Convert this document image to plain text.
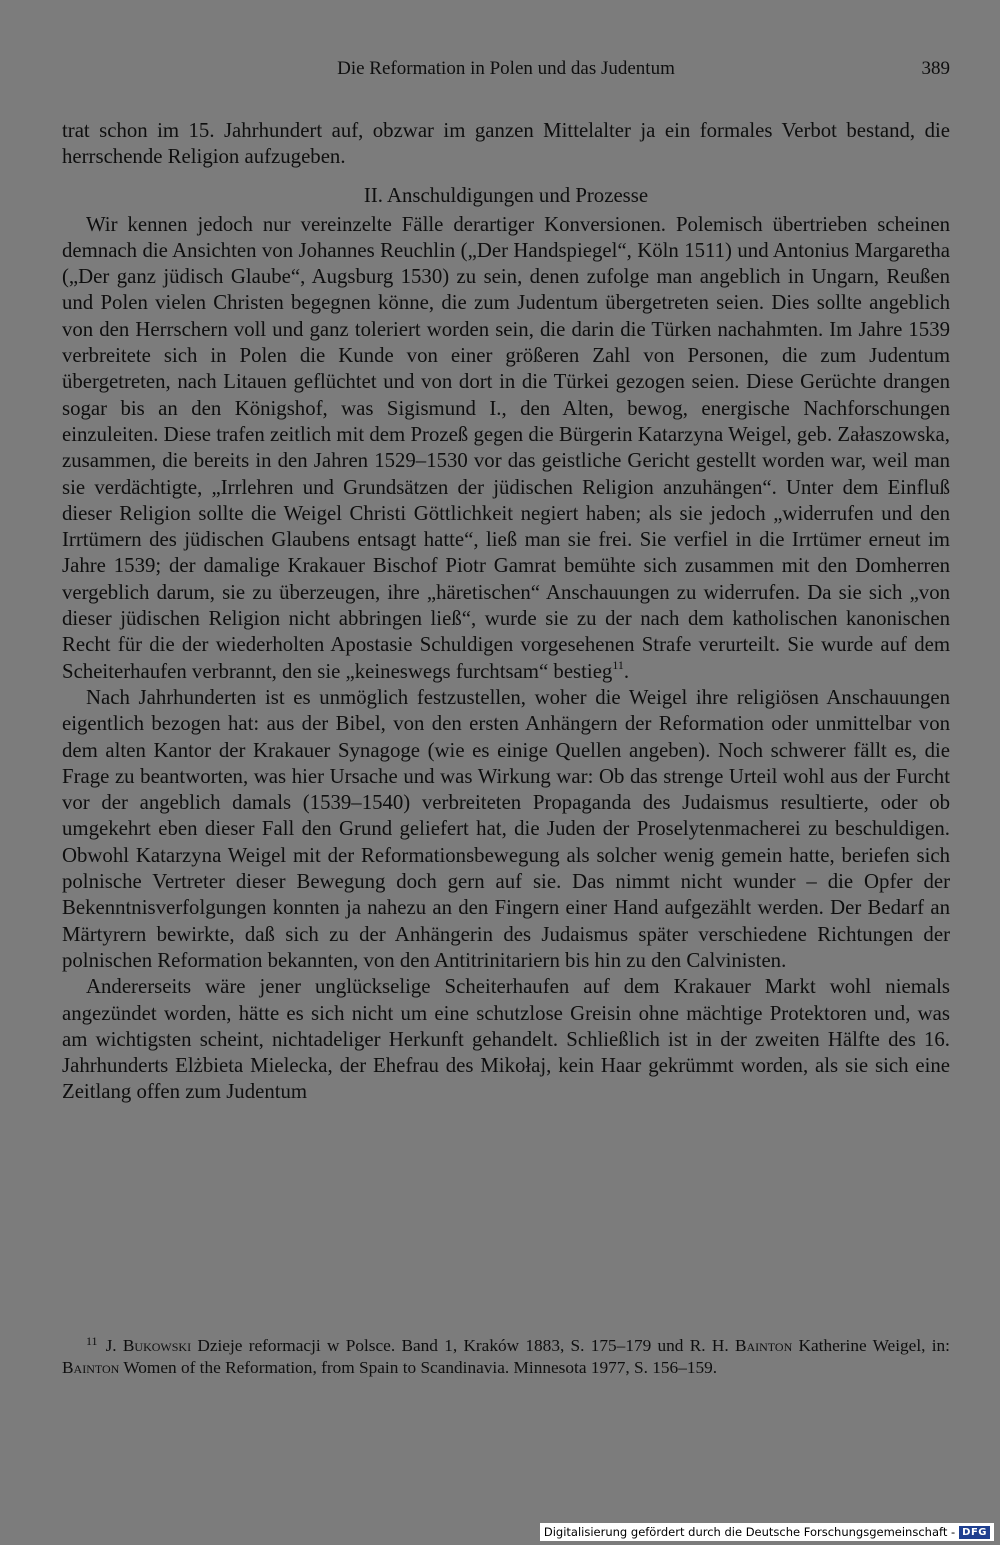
Die Reformation in Polen und das Judentum	389

trat schon im 15. Jahrhundert auf, obzwar im ganzen Mittelalter ja ein formales Verbot bestand, die herrschende Religion aufzugeben.

II. Anschuldigungen und Prozesse

Wir kennen jedoch nur vereinzelte Fälle derartiger Konversionen. Polemisch übertrieben scheinen demnach die Ansichten von Johannes Reuchlin („Der Handspiegel“, Köln 1511) und Antonius Margaretha („Der ganz jüdisch Glaube“, Augsburg 1530) zu sein, denen zufolge man angeblich in Ungarn, Reußen und Polen vielen Christen begegnen könne, die zum Judentum übergetreten seien. Dies sollte angeblich von den Herrschern voll und ganz toleriert worden sein, die darin die Türken nachahmten. Im Jahre 1539 verbreitete sich in Polen die Kunde von einer größeren Zahl von Personen, die zum Judentum übergetreten, nach Litauen geflüchtet und von dort in die Türkei gezogen seien. Diese Gerüchte drangen sogar bis an den Königshof, was Sigismund I., den Alten, bewog, energische Nachforschungen einzuleiten. Diese trafen zeitlich mit dem Prozeß gegen die Bürgerin Katarzyna Weigel, geb. Załaszowska, zusammen, die bereits in den Jahren 1529–1530 vor das geistliche Gericht gestellt worden war, weil man sie verdächtigte, „Irrlehren und Grundsätzen der jüdischen Religion anzuhängen“. Unter dem Einfluß dieser Religion sollte die Weigel Christi Göttlichkeit negiert haben; als sie jedoch „widerrufen und den Irrtümern des jüdischen Glaubens entsagt hatte“, ließ man sie frei. Sie verfiel in die Irrtümer erneut im Jahre 1539; der damalige Krakauer Bischof Piotr Gamrat bemühte sich zusammen mit den Domherren vergeblich darum, sie zu überzeugen, ihre „häretischen“ Anschauungen zu widerrufen. Da sie sich „von dieser jüdischen Religion nicht abbringen ließ“, wurde sie zu der nach dem katholischen kanonischen Recht für die der wiederholten Apostasie Schuldigen vorgesehenen Strafe verurteilt. Sie wurde auf dem Scheiterhaufen verbrannt, den sie „keineswegs furchtsam“ bestieg$^{11}$.

Nach Jahrhunderten ist es unmöglich festzustellen, woher die Weigel ihre religiösen Anschauungen eigentlich bezogen hat: aus der Bibel, von den ersten Anhängern der Reformation oder unmittelbar von dem alten Kantor der Krakauer Synagoge (wie es einige Quellen angeben). Noch schwerer fällt es, die Frage zu beantworten, was hier Ursache und was Wirkung war: Ob das strenge Urteil wohl aus der Furcht vor der angeblich damals (1539–1540) verbreiteten Propaganda des Judaismus resultierte, oder ob umgekehrt eben dieser Fall den Grund geliefert hat, die Juden der Proselytenmacherei zu beschuldigen. Obwohl Katarzyna Weigel mit der Reformationsbewegung als solcher wenig gemein hatte, beriefen sich polnische Vertreter dieser Bewegung doch gern auf sie. Das nimmt nicht wunder – die Opfer der Bekenntnisverfolgungen konnten ja nahezu an den Fingern einer Hand aufgezählt werden. Der Bedarf an Märtyrern bewirkte, daß sich zu der Anhängerin des Judaismus später verschiedene Richtungen der polnischen Reformation bekannten, von den Antitrinitariern bis hin zu den Calvinisten.

Andererseits wäre jener unglückselige Scheiterhaufen auf dem Krakauer Markt wohl niemals angezündet worden, hätte es sich nicht um eine schutzlose Greisin ohne mächtige Protektoren und, was am wichtigsten scheint, nichtadeliger Herkunft gehandelt. Schließlich ist in der zweiten Hälfte des 16. Jahrhunderts Elżbieta Mielecka, der Ehefrau des Mikołaj, kein Haar gekrümmt worden, als sie sich eine Zeitlang offen zum Judentum

$^{11}$ J. Bukowski Dzieje reformacji w Polsce. Band 1, Kraków 1883, S. 175–179 und R. H. Bainton Katherine Weigel, in: Bainton Women of the Reformation, from Spain to Scandinavia. Minnesota 1977, S. 156–159.

Digitalisierung gefördert durch die Deutsche Forschungsgemeinschaft - DFG
